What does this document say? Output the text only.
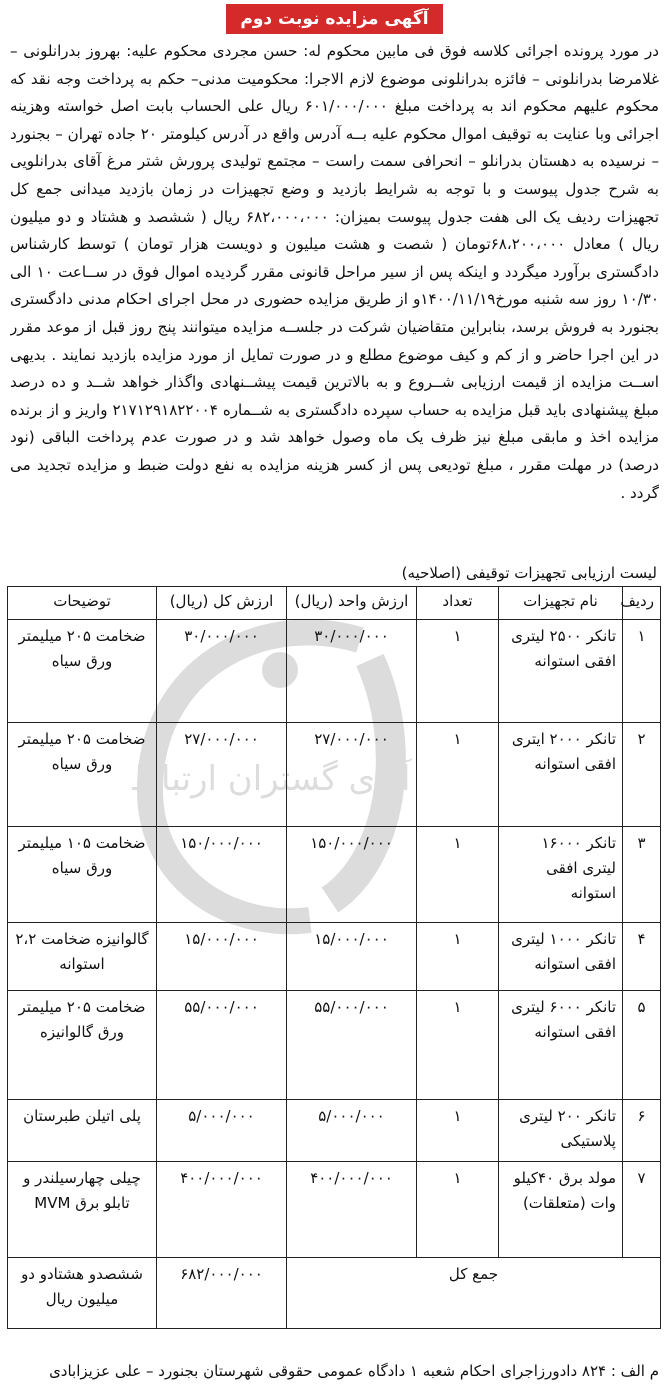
آگهی مزایده نوبت دوم
در مورد پرونده اجرائی کلاسه فوق فی مابین محکوم له: حسن مجردی محکوم علیه: بهروز بدرانلونی – غلامرضا بدرانلونی – فائزه بدرانلونی موضوع لازم الاجرا: محکومیت مدنی– حکم به پرداخت وجه نقد که محکوم علیهم محکوم اند به پرداخت مبلغ ۶۰۱/۰۰۰/۰۰۰ ریال علی الحساب بابت اصل خواسته وهزینه اجرائی وبا عنایت به توقیف اموال محکوم علیه بــه آدرس واقع در آدرس کیلومتر ۲۰ جاده تهران – بجنورد – نرسیده به دهستان بدرانلو – انحرافی سمت راست – مجتمع تولیدی پرورش شتر مرغ آقای بدرانلویی به شرح جدول پیوست و با توجه به شرایط بازدید و وضع تجهیزات در زمان بازدید میدانی جمع کل تجهیزات ردیف یک الی هفت جدول پیوست بمیزان: ۶۸۲،۰۰۰،۰۰۰ ریال ( ششصد و هشتاد و دو میلیون ریال ) معادل ۶۸،۲۰۰،۰۰۰تومان ( شصت و هشت میلیون و دویست هزار تومان ) توسط کارشناس دادگستری برآورد میگردد و اینکه پس از سیر مراحل قانونی مقرر گردیده اموال فوق در ســاعت ۱۰ الی ۱۰/۳۰ روز سه شنبه مورخ۱۴۰۰/۱۱/۱۹و از طریق مزایده حضوری در محل اجرای احکام مدنی دادگستری بجنورد به فروش برسد، بنابراین متقاضیان شرکت در جلســه مزایده میتوانند پنج روز قبل از موعد مقرر در این اجرا حاضر و از کم و کیف موضوع مطلع و در صورت تمایل از مورد مزایده بازدید نمایند . بدیهی اســت مزایده از قیمت ارزیابی شــروع و به بالاترین قیمت پیشــنهادی واگذار خواهد شــد و ده درصد مبلغ پیشنهادی باید قبل مزایده به حساب سپرده دادگستری به شــماره ۲۱۷۱۲۹۱۸۲۲۰۰۴ واریز و از برنده مزایده اخذ و مابقی مبلغ نیز ظرف یک ماه وصول خواهد شد و در صورت عدم پرداخت الباقی (نود درصد) در مهلت مقرر ، مبلغ تودیعی پس از کسر هزینه مزایده به نفع دولت ضبط و مزایده تجدید می گردد .
لیست ارزیابی تجهیزات توقیفی (اصلاحیه)
آوای گستران ارتباط
ردیف	نام تجهیزات	تعداد	ارزش واحد (ریال)	ارزش کل (ریال)	توضیحات
۱	تانکر ۲۵۰۰ لیتری افقی استوانه	۱	۳۰/۰۰۰/۰۰۰	۳۰/۰۰۰/۰۰۰	ضخامت ۲۰۵ میلیمتر ورق سیاه
۲	تانکر ۲۰۰۰ ایتری افقی استوانه	۱	۲۷/۰۰۰/۰۰۰	۲۷/۰۰۰/۰۰۰	ضخامت ۲۰۵ میلیمتر ورق سیاه
۳	تانکر ۱۶۰۰۰ لیتری افقی استوانه	۱	۱۵۰/۰۰۰/۰۰۰	۱۵۰/۰۰۰/۰۰۰	ضخامت ۱۰۵ میلیمتر ورق سیاه
۴	تانکر ۱۰۰۰ لیتری افقی استوانه	۱	۱۵/۰۰۰/۰۰۰	۱۵/۰۰۰/۰۰۰	گالوانیزه ضخامت ۲،۲ استوانه
۵	تانکر ۶۰۰۰ لیتری افقی استوانه	۱	۵۵/۰۰۰/۰۰۰	۵۵/۰۰۰/۰۰۰	ضخامت ۲۰۵ میلیمتر ورق گالوانیزه
۶	تانکر ۲۰۰ لیتری پلاستیکی	۱	۵/۰۰۰/۰۰۰	۵/۰۰۰/۰۰۰	پلی اتیلن طبرستان
۷	مولد برق ۴۰کیلو وات (متعلقات)	۱	۴۰۰/۰۰۰/۰۰۰	۴۰۰/۰۰۰/۰۰۰	چیلی چهارسیلندر و تابلو برق MVM
جمع کل				۶۸۲/۰۰۰/۰۰۰	ششصدو هشتادو دو میلیون ریال
م الف : ۸۲۴ دادورزاجرای احکام شعبه ۱ دادگاه عمومی حقوقی شهرستان بجنورد – علی عزیزابادی
